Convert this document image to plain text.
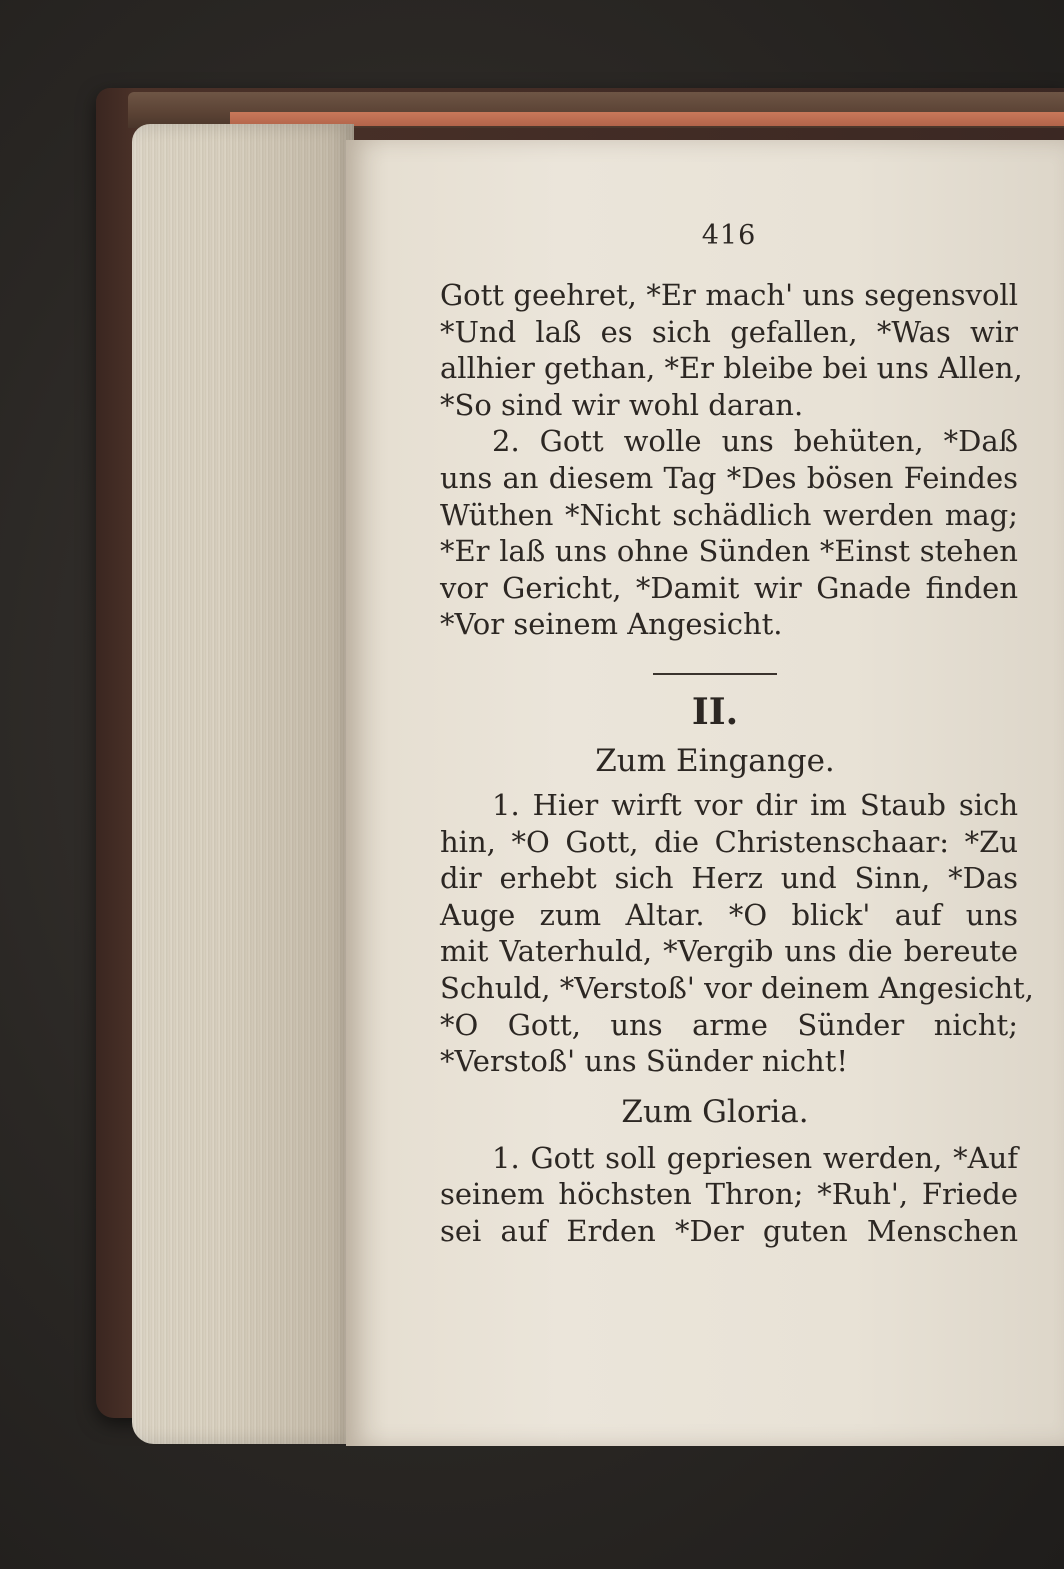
416
Gott geehret, *Er mach' uns segensvoll
*Und laß es sich gefallen, *Was wir
allhier gethan, *Er bleibe bei uns Allen,
*So sind wir wohl daran.
2. Gott wolle uns behüten, *Daß
uns an diesem Tag *Des bösen Feindes
Wüthen *Nicht schädlich werden mag;
*Er laß uns ohne Sünden *Einst stehen
vor Gericht, *Damit wir Gnade finden
*Vor seinem Angesicht.
II.
Zum Eingange.
1. Hier wirft vor dir im Staub sich
hin, *O Gott, die Christenschaar: *Zu
dir erhebt sich Herz und Sinn, *Das
Auge zum Altar. *O blick' auf uns
mit Vaterhuld, *Vergib uns die bereute
Schuld, *Verstoß' vor deinem Angesicht,
*O Gott, uns arme Sünder nicht;
*Verstoß' uns Sünder nicht!
Zum Gloria.
1. Gott soll gepriesen werden, *Auf
seinem höchsten Thron; *Ruh', Friede
sei auf Erden *Der guten Menschen
